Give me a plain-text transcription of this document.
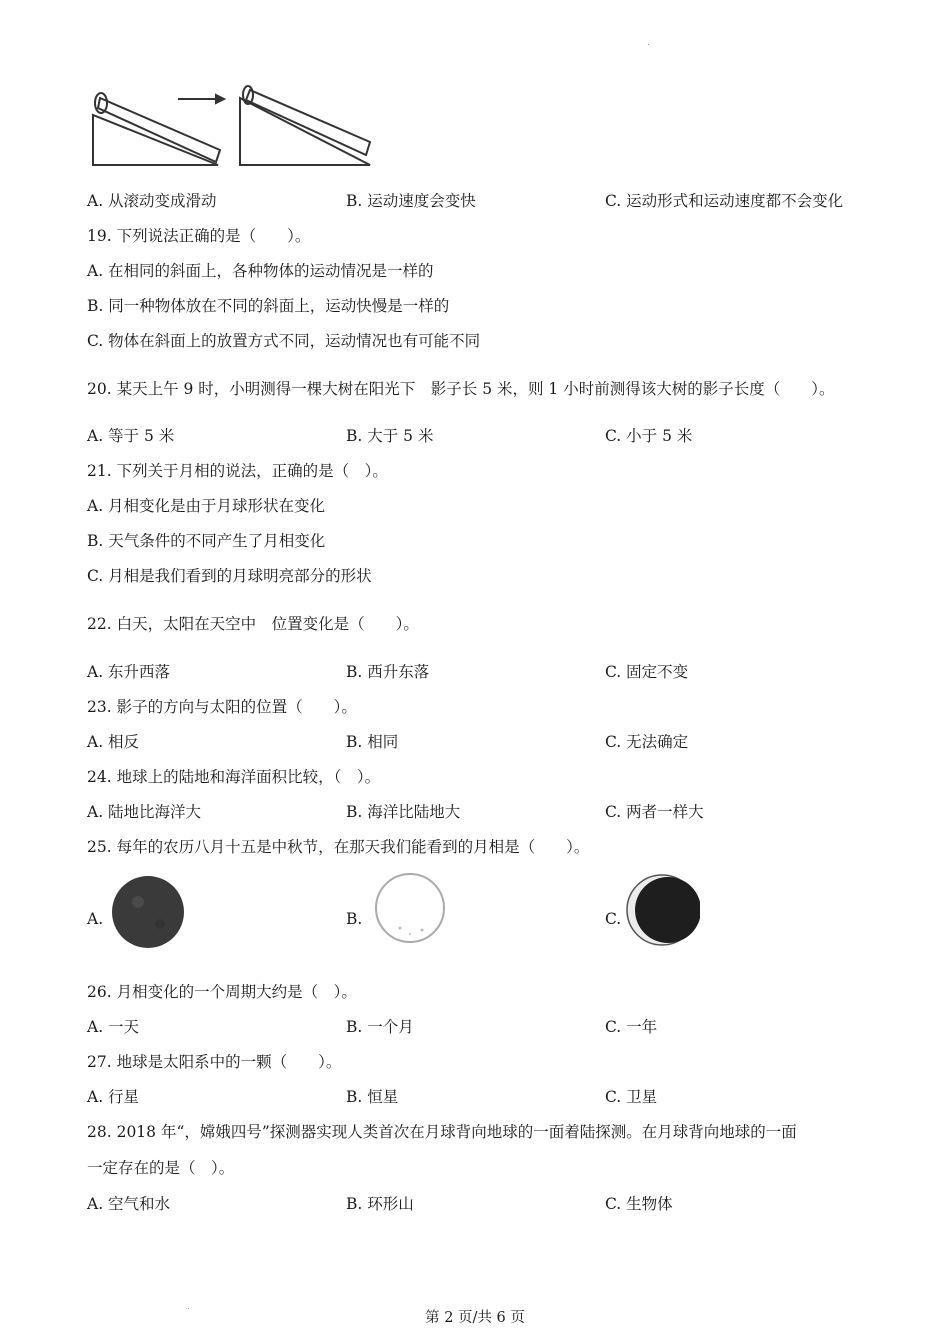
A. 从滚动变成滑动	B. 运动速度会变快	C. 运动形式和运动速度都不会变化
19. 下列说法正确的是（　　）。
A. 在相同的斜面上，各种物体的运动情况是一样的
B. 同一种物体放在不同的斜面上，运动快慢是一样的
C. 物体在斜面上的放置方式不同，运动情况也有可能不同
20. 某天上午 9 时，小明测得一棵大树在阳光下　影子长 5 米，则 1 小时前测得该大树的影子长度（　　）。
A. 等于 5 米	B. 大于 5 米	C. 小于 5 米
21. 下列关于月相的说法，正确的是（　）。
A. 月相变化是由于月球形状在变化
B. 天气条件的不同产生了月相变化
C. 月相是我们看到的月球明亮部分的形状
22. 白天，太阳在天空中　位置变化是（　　）。
A. 东升西落	B. 西升东落	C. 固定不变
23. 影子的方向与太阳的位置（　　）。
A. 相反	B. 相同	C. 无法确定
24. 地球上的陆地和海洋面积比较，（　）。
A. 陆地比海洋大	B. 海洋比陆地大	C. 两者一样大
25. 每年的农历八月十五是中秋节，在那天我们能看到的月相是（　　）。
A.	B.	C.
26. 月相变化的一个周期大约是（　）。
A. 一天	B. 一个月	C. 一年
27. 地球是太阳系中的一颗（　　）。
A. 行星	B. 恒星	C. 卫星
28. 2018 年“，嫦娥四号”探测器实现人类首次在月球背向地球的一面着陆探测。在月球背向地球的一面
一定存在的是（　）。
A. 空气和水	B. 环形山	C. 生物体
第 2 页/共 6 页
